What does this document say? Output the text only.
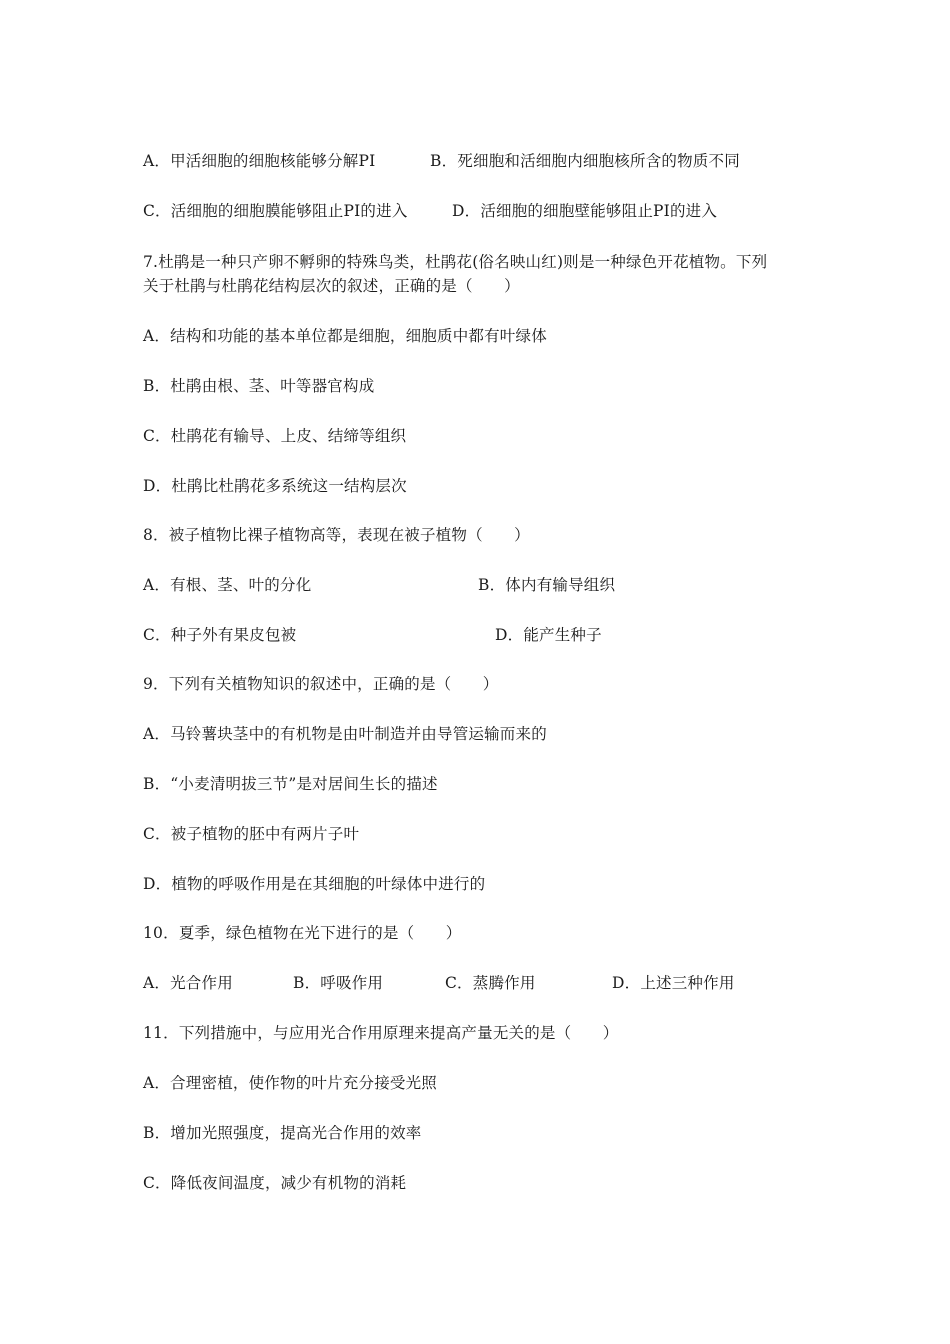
A．甲活细胞的细胞核能够分解PI	B．死细胞和活细胞内细胞核所含的物质不同
C．活细胞的细胞膜能够阻止PI的进入	D．活细胞的细胞壁能够阻止PI的进入
7.杜鹃是一种只产卵不孵卵的特殊鸟类，杜鹃花(俗名映山红)则是一种绿色开花植物。下列
关于杜鹃与杜鹃花结构层次的叙述，正确的是（　　）
A．结构和功能的基本单位都是细胞，细胞质中都有叶绿体
B．杜鹃由根、茎、叶等器官构成
C．杜鹃花有输导、上皮、结缔等组织
D．杜鹃比杜鹃花多系统这一结构层次
8．被子植物比裸子植物高等，表现在被子植物（　　）
A．有根、茎、叶的分化	B．体内有输导组织
C．种子外有果皮包被	D．能产生种子
9．下列有关植物知识的叙述中，正确的是（　　）
A．马铃薯块茎中的有机物是由叶制造并由导管运输而来的
B．“小麦清明拔三节”是对居间生长的描述
C．被子植物的胚中有两片子叶
D．植物的呼吸作用是在其细胞的叶绿体中进行的
10．夏季，绿色植物在光下进行的是（　　）
A．光合作用	B．呼吸作用	C．蒸腾作用	D．上述三种作用
11．下列措施中，与应用光合作用原理来提高产量无关的是（　　）
A．合理密植，使作物的叶片充分接受光照
B．增加光照强度，提高光合作用的效率
C．降低夜间温度，减少有机物的消耗
